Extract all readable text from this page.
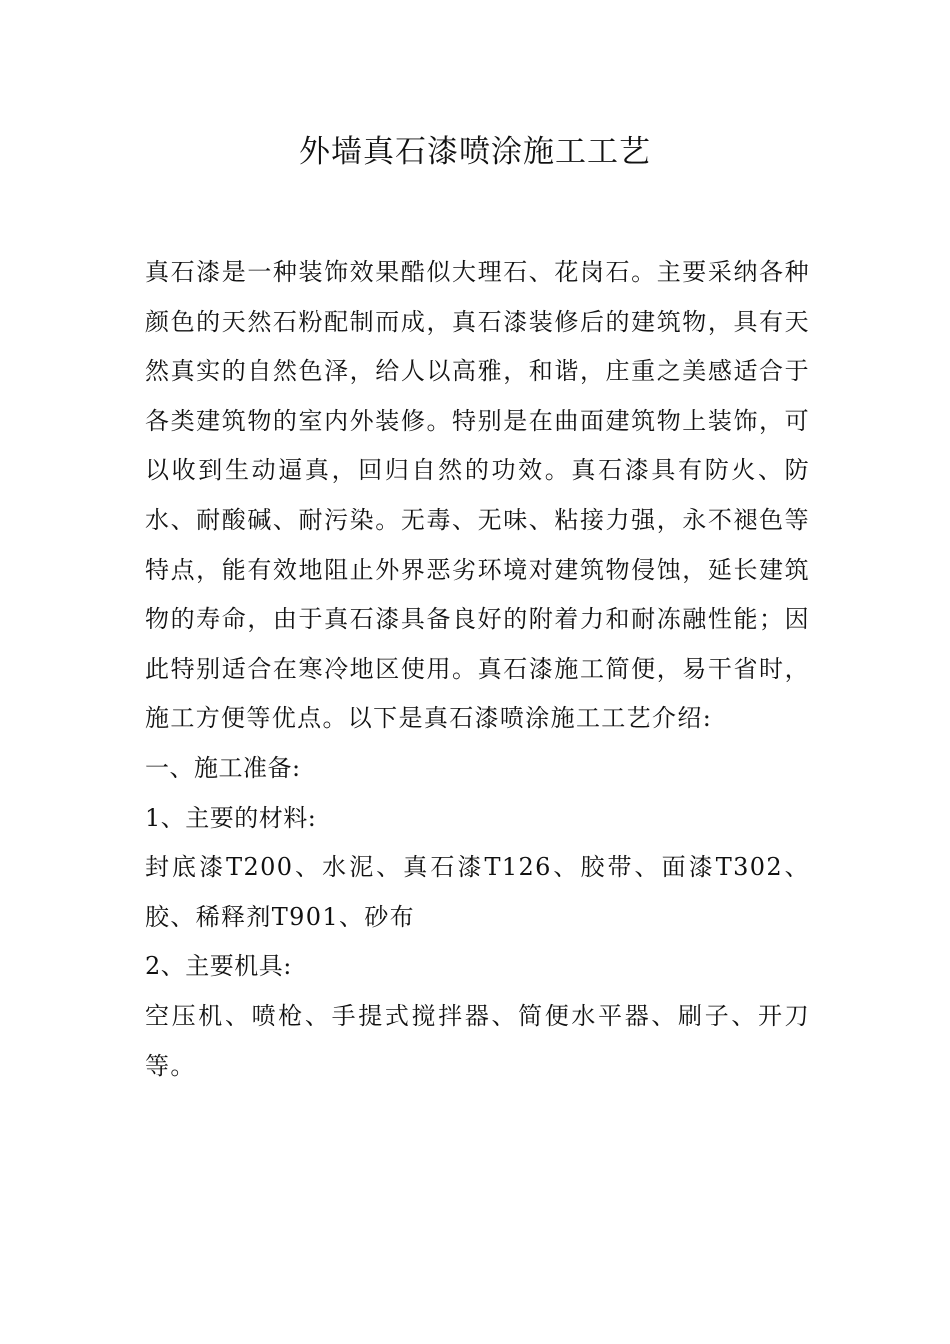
外墙真石漆喷涂施工工艺

真石漆是一种装饰效果酷似大理石、花岗石。主要采纳各种颜色的天然石粉配制而成，真石漆装修后的建筑物，具有天然真实的自然色泽，给人以高雅，和谐，庄重之美感适合于各类建筑物的室内外装修。特别是在曲面建筑物上装饰，可以收到生动逼真，回归自然的功效。真石漆具有防火、防水、耐酸碱、耐污染。无毒、无味、粘接力强，永不褪色等特点，能有效地阻止外界恶劣环境对建筑物侵蚀，延长建筑物的寿命，由于真石漆具备良好的附着力和耐冻融性能；因此特别适合在寒冷地区使用。真石漆施工简便，易干省时，施工方便等优点。以下是真石漆喷涂施工工艺介绍:

一、施工准备:

1、主要的材料:

封底漆T200、水泥、真石漆T126、胶带、面漆T302、胶、稀释剂T901、砂布

2、主要机具:

空压机、喷枪、手提式搅拌器、简便水平器、刷子、开刀等。
